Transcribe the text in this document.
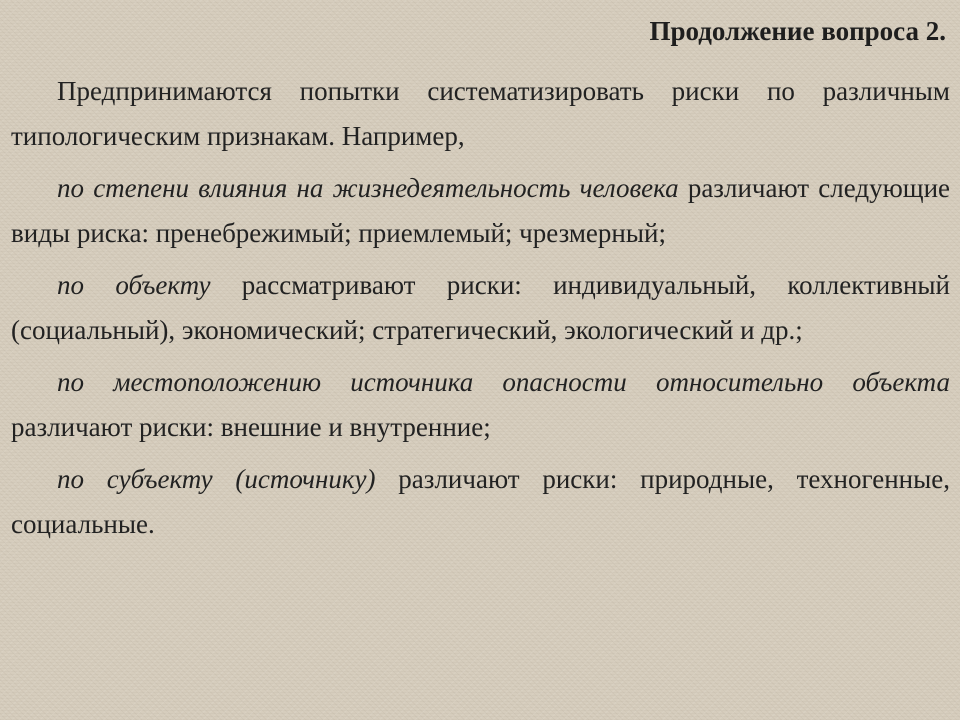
Продолжение вопроса 2.

Предпринимаются попытки систематизировать риски по различным типологическим признакам. Например,

по степени влияния на жизнедеятельность человека различают следующие виды риска: пренебрежимый; приемлемый; чрезмерный;

по объекту рассматривают риски: индивидуальный, коллективный (социальный), экономический; стратегический, экологический и др.;

по местоположению источника опасности относительно объекта различают риски: внешние и внутренние;

по субъекту (источнику) различают риски: природные, техногенные, социальные.
